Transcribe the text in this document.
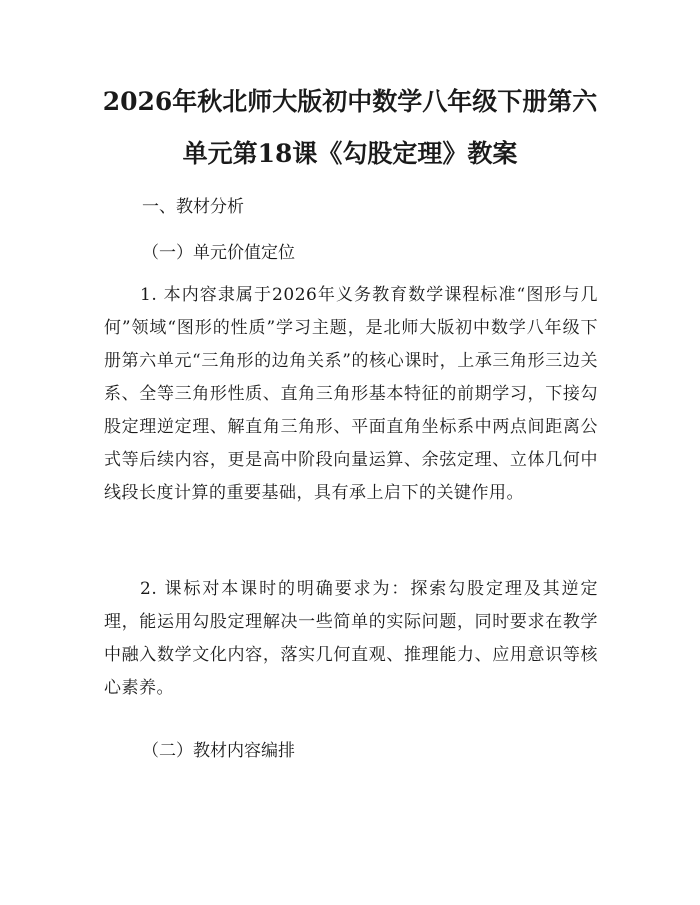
2026年秋北师大版初中数学八年级下册第六
单元第18课《勾股定理》教案
一、教材分析
（一）单元价值定位
1. 本内容隶属于2026年义务教育数学课程标准“图形与几何”领域“图形的性质”学习主题，是北师大版初中数学八年级下册第六单元“三角形的边角关系”的核心课时，上承三角形三边关系、全等三角形性质、直角三角形基本特征的前期学习，下接勾股定理逆定理、解直角三角形、平面直角坐标系中两点间距离公式等后续内容，更是高中阶段向量运算、余弦定理、立体几何中线段长度计算的重要基础，具有承上启下的关键作用。
2. 课标对本课时的明确要求为：探索勾股定理及其逆定理，能运用勾股定理解决一些简单的实际问题，同时要求在教学中融入数学文化内容，落实几何直观、推理能力、应用意识等核心素养。
（二）教材内容编排
